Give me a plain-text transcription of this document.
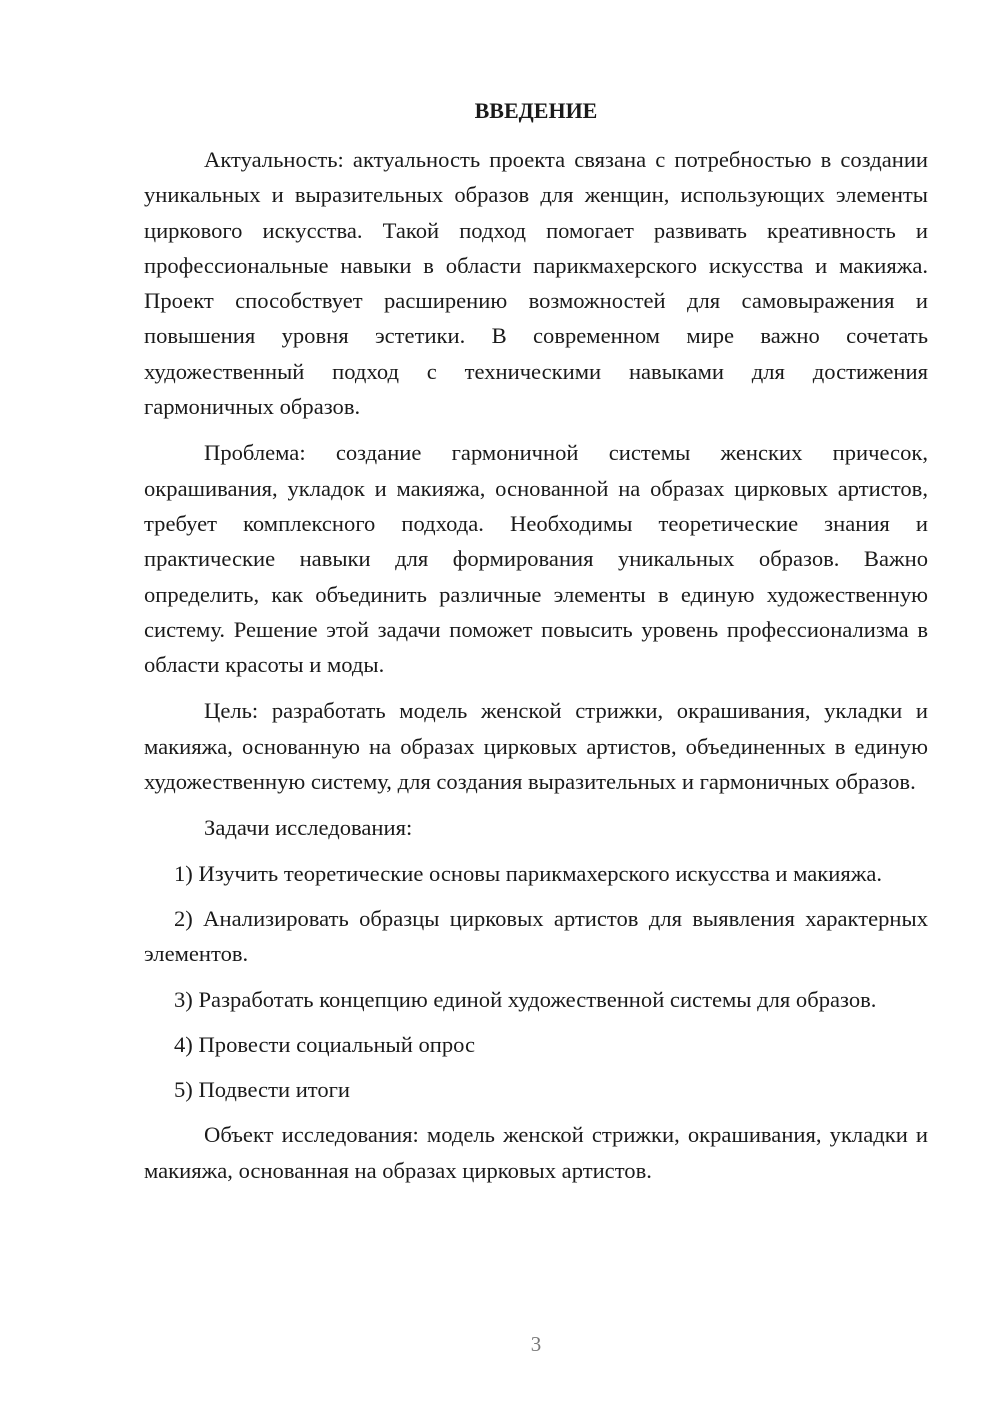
ВВЕДЕНИЕ

Актуальность: актуальность проекта связана с потребностью в создании уникальных и выразительных образов для женщин, использующих элементы циркового искусства. Такой подход помогает развивать креативность и профессиональные навыки в области парикмахерского искусства и макияжа. Проект способствует расширению возможностей для самовыражения и повышения уровня эстетики. В современном мире важно сочетать художественный подход с техническими навыками для достижения гармоничных образов.

Проблема: создание гармоничной системы женских причесок, окрашивания, укладок и макияжа, основанной на образах цирковых артистов, требует комплексного подхода. Необходимы теоретические знания и практические навыки для формирования уникальных образов. Важно определить, как объединить различные элементы в единую художественную систему. Решение этой задачи поможет повысить уровень профессионализма в области красоты и моды.

Цель: разработать модель женской стрижки, окрашивания, укладки и макияжа, основанную на образах цирковых артистов, объединенных в единую художественную систему, для создания выразительных и гармоничных образов.

Задачи исследования:

1) Изучить теоретические основы парикмахерского искусства и макияжа.

2) Анализировать образцы цирковых артистов для выявления характерных элементов.

3) Разработать концепцию единой художественной системы для образов.

4) Провести социальный опрос

5) Подвести итоги

Объект исследования: модель женской стрижки, окрашивания, укладки и макияжа, основанная на образах цирковых артистов.

3
